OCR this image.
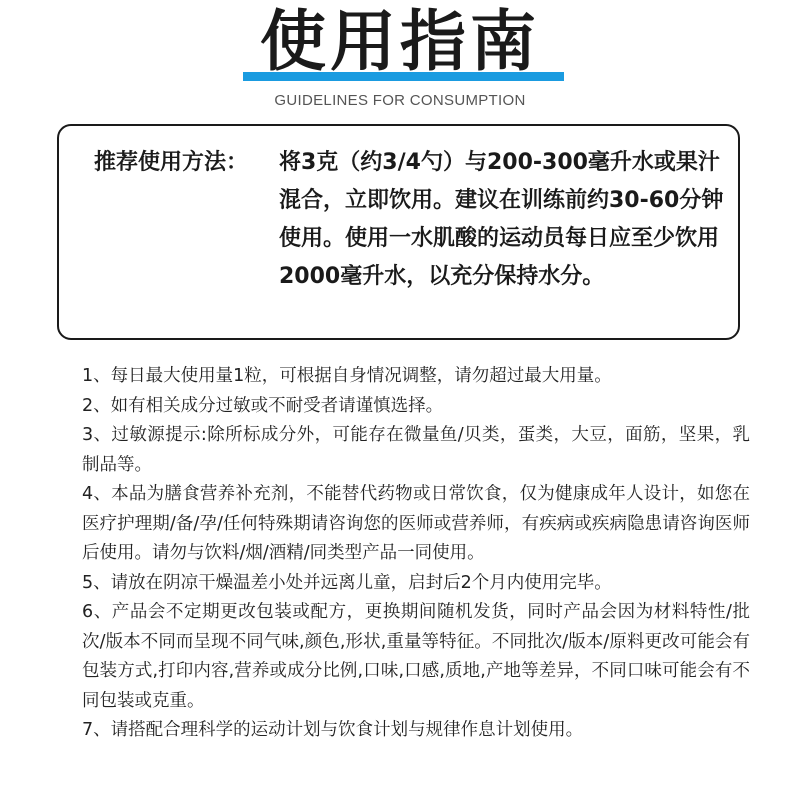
使用指南
GUIDELINES FOR CONSUMPTION
推荐使用方法： 将3克（约3/4勺）与200-300毫升水或果汁混合，立即饮用。建议在训练前约30-60分钟使用。使用一水肌酸的运动员每日应至少饮用2000毫升水，以充分保持水分。
1、每日最大使用量1粒，可根据自身情况调整，请勿超过最大用量。
2、如有相关成分过敏或不耐受者请谨慎选择。
3、过敏源提示:除所标成分外，可能存在微量鱼/贝类，蛋类，大豆，面筋，坚果，乳制品等。
4、本品为膳食营养补充剂，不能替代药物或日常饮食，仅为健康成年人设计，如您在医疗护理期/备/孕/任何特殊期请咨询您的医师或营养师，有疾病或疾病隐患请咨询医师后使用。请勿与饮料/烟/酒精/同类型产品一同使用。
5、请放在阴凉干燥温差小处并远离儿童，启封后2个月内使用完毕。
6、产品会不定期更改包装或配方，更换期间随机发货，同时产品会因为材料特性/批次/版本不同而呈现不同气味,颜色,形状,重量等特征。不同批次/版本/原料更改可能会有包装方式,打印内容,营养或成分比例,口味,口感,质地,产地等差异，不同口味可能会有不同包装或克重。
7、请搭配合理科学的运动计划与饮食计划与规律作息计划使用。
